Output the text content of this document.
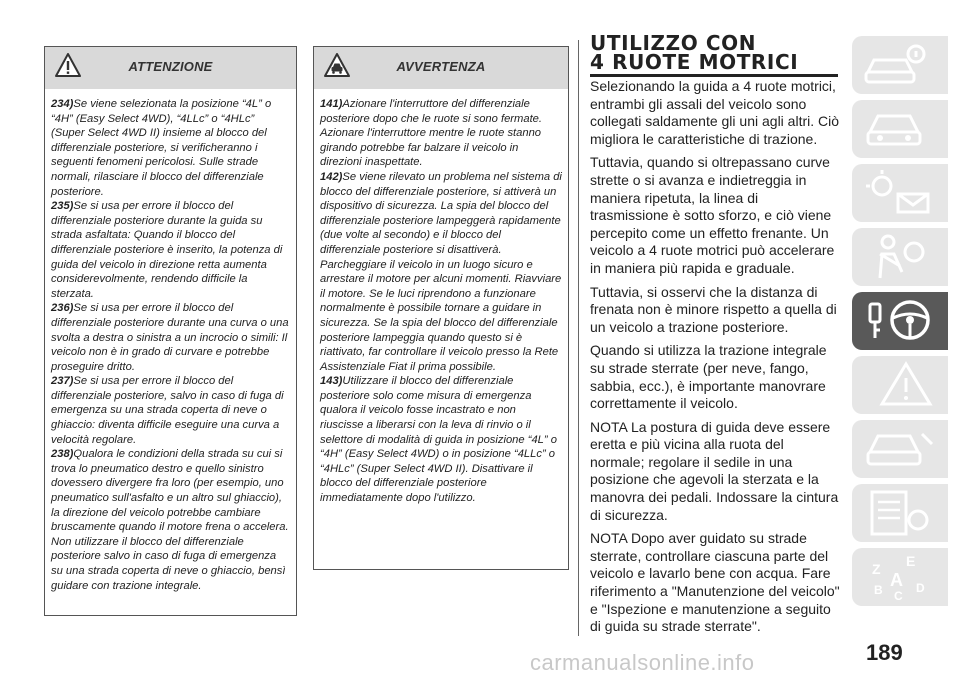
ATTENZIONE

234)Se viene selezionata la posizione “4L” o “4H” (Easy Select 4WD), “4LLc” o “4HLc” (Super Select 4WD II) insieme al blocco del differenziale posteriore, si verificheranno i seguenti fenomeni pericolosi. Sulle strade normali, rilasciare il blocco del differenziale posteriore.

235)Se si usa per errore il blocco del differenziale posteriore durante la guida su strada asfaltata: Quando il blocco del differenziale posteriore è inserito, la potenza di guida del veicolo in direzione retta aumenta considerevolmente, rendendo difficile la sterzata.

236)Se si usa per errore il blocco del differenziale posteriore durante una curva o una svolta a destra o sinistra a un incrocio o simili: Il veicolo non è in grado di curvare e potrebbe proseguire dritto.

237)Se si usa per errore il blocco del differenziale posteriore, salvo in caso di fuga di emergenza su una strada coperta di neve o ghiaccio: diventa difficile eseguire una curva a velocità regolare.

238)Qualora le condizioni della strada su cui si trova lo pneumatico destro e quello sinistro dovessero divergere fra loro (per esempio, uno pneumatico sull'asfalto e un altro sul ghiaccio), la direzione del veicolo potrebbe cambiare bruscamente quando il motore frena o accelera. Non utilizzare il blocco del differenziale posteriore salvo in caso di fuga di emergenza su una strada coperta di neve o ghiaccio, bensì guidare con trazione integrale.

AVVERTENZA

141)Azionare l'interruttore del differenziale posteriore dopo che le ruote si sono fermate. Azionare l'interruttore mentre le ruote stanno girando potrebbe far balzare il veicolo in direzioni inaspettate.

142)Se viene rilevato un problema nel sistema di blocco del differenziale posteriore, si attiverà un dispositivo di sicurezza. La spia del blocco del differenziale posteriore lampeggerà rapidamente (due volte al secondo) e il blocco del differenziale posteriore si disattiverà. Parcheggiare il veicolo in un luogo sicuro e arrestare il motore per alcuni momenti. Riavviare il motore. Se le luci riprendono a funzionare normalmente è possibile tornare a guidare in sicurezza. Se la spia del blocco del differenziale posteriore lampeggia quando questo si è riattivato, far controllare il veicolo presso la Rete Assistenziale Fiat il prima possibile.

143)Utilizzare il blocco del differenziale posteriore solo come misura di emergenza qualora il veicolo fosse incastrato e non riuscisse a liberarsi con la leva di rinvio o il selettore di modalità di guida in posizione “4L” o “4H” (Easy Select 4WD) o in posizione “4LLc” o “4HLc” (Super Select 4WD II). Disattivare il blocco del differenziale posteriore immediatamente dopo l'utilizzo.

UTILIZZO CON
4 RUOTE MOTRICI

Selezionando la guida a 4 ruote motrici, entrambi gli assali del veicolo sono collegati saldamente gli uni agli altri. Ciò migliora le caratteristiche di trazione.

Tuttavia, quando si oltrepassano curve strette o si avanza e indietreggia in maniera ripetuta, la linea di trasmissione è sotto sforzo, e ciò viene percepito come un effetto frenante. Un veicolo a 4 ruote motrici può accelerare in maniera più rapida e graduale.

Tuttavia, si osservi che la distanza di frenata non è minore rispetto a quella di un veicolo a trazione posteriore.

Quando si utilizza la trazione integrale su strade sterrate (per neve, fango, sabbia, ecc.), è importante manovrare correttamente il veicolo.

NOTA La postura di guida deve essere eretta e più vicina alla ruota del normale; regolare il sedile in una posizione che agevoli la sterzata e la manovra dei pedali. Indossare la cintura di sicurezza.

NOTA Dopo aver guidato su strade sterrate, controllare ciascuna parte del veicolo e lavarlo bene con acqua. Fare riferimento a "Manutenzione del veicolo" e "Ispezione e manutenzione a seguito di guida su strade sterrate".

Z E
A
B	D
C
189
carmanualsonline.info
